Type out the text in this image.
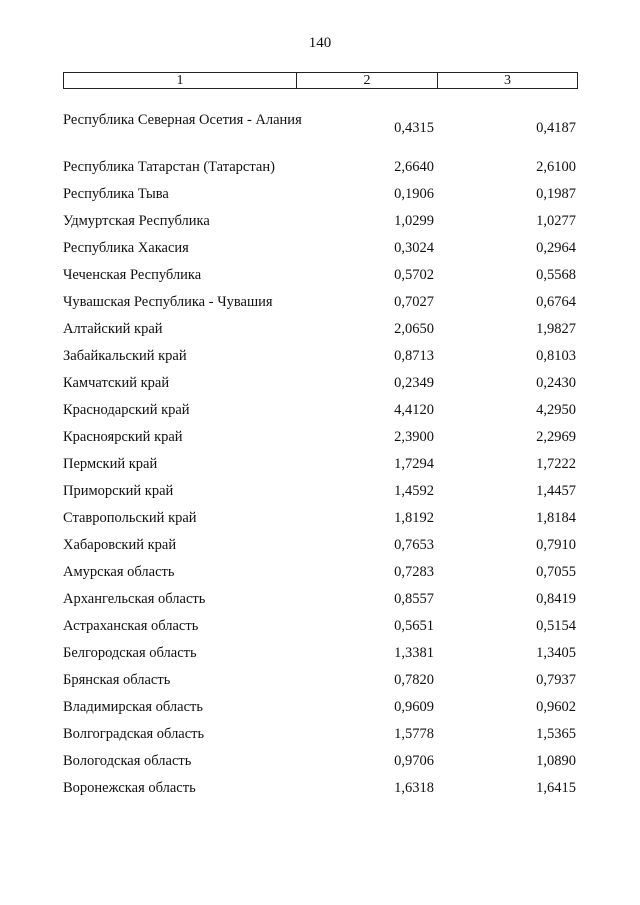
140
1	2	3
Республика Северная Осетия - Алания	0,4315	0,4187
Республика Татарстан (Татарстан)	2,6640	2,6100
Республика Тыва	0,1906	0,1987
Удмуртская Республика	1,0299	1,0277
Республика Хакасия	0,3024	0,2964
Чеченская Республика	0,5702	0,5568
Чувашская Республика - Чувашия	0,7027	0,6764
Алтайский край	2,0650	1,9827
Забайкальский край	0,8713	0,8103
Камчатский край	0,2349	0,2430
Краснодарский край	4,4120	4,2950
Красноярский край	2,3900	2,2969
Пермский край	1,7294	1,7222
Приморский край	1,4592	1,4457
Ставропольский край	1,8192	1,8184
Хабаровский край	0,7653	0,7910
Амурская область	0,7283	0,7055
Архангельская область	0,8557	0,8419
Астраханская область	0,5651	0,5154
Белгородская область	1,3381	1,3405
Брянская область	0,7820	0,7937
Владимирская область	0,9609	0,9602
Волгоградская область	1,5778	1,5365
Вологодская область	0,9706	1,0890
Воронежская область	1,6318	1,6415
